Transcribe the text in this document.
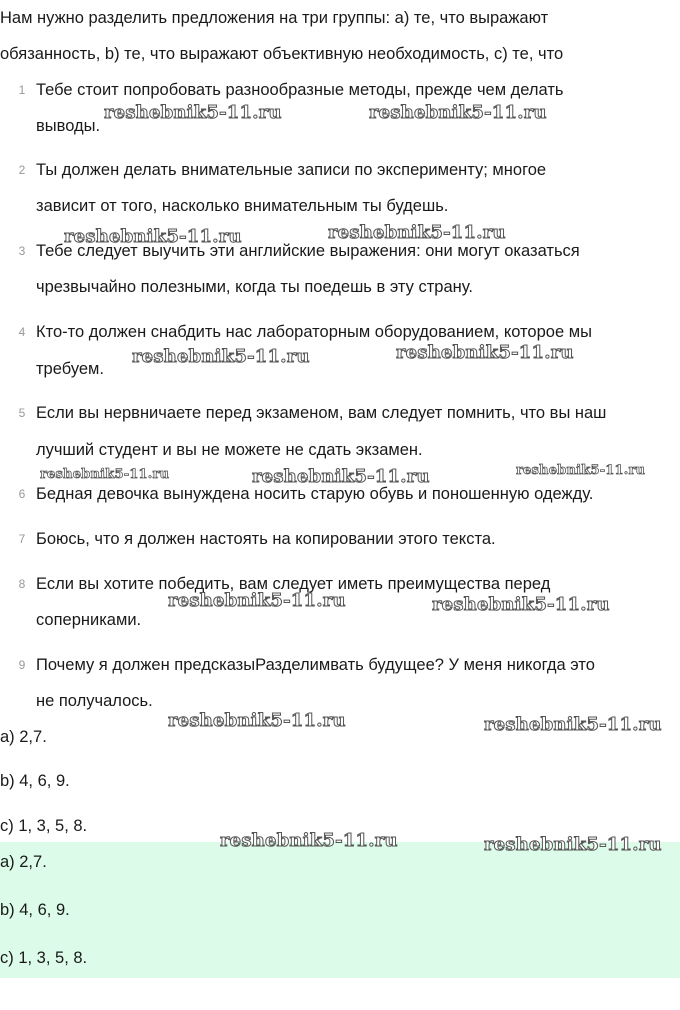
Нам нужно разделить предложения на три группы: a) те, что выражают
обязанность, b) те, что выражают объективную необходимость, c) те, что
1 Тебе стоит попробовать разнообразные методы, прежде чем делать
выводы.
2 Ты должен делать внимательные записи по эксперименту; многое
зависит от того, насколько внимательным ты будешь.
3 Тебе следует выучить эти английские выражения: они могут оказаться
чрезвычайно полезными, когда ты поедешь в эту страну.
4 Кто-то должен снабдить нас лабораторным оборудованием, которое мы
требуем.
5 Если вы нервничаете перед экзаменом, вам следует помнить, что вы наш
лучший студент и вы не можете не сдать экзамен.
6 Бедная девочка вынуждена носить старую обувь и поношенную одежду.
7 Боюсь, что я должен настоять на копировании этого текста.
8 Если вы хотите победить, вам следует иметь преимущества перед
соперниками.
9 Почему я должен предсказыРазделимвать будущее? У меня никогда это
не получалось.
a) 2,7.
b) 4, 6, 9.
c) 1, 3, 5, 8.
a) 2,7.
b) 4, 6, 9.
c) 1, 3, 5, 8.
reshebnik5-11.ru	reshebnik5-11.ru
reshebnik5-11.ru	reshebnik5-11.ru
reshebnik5-11.ru	reshebnik5-11.ru
reshebnik5-11.ru	reshebnik5-11.ru	reshebnik5-11.ru
reshebnik5-11.ru	reshebnik5-11.ru
reshebnik5-11.ru	reshebnik5-11.ru
reshebnik5-11.ru	reshebnik5-11.ru
